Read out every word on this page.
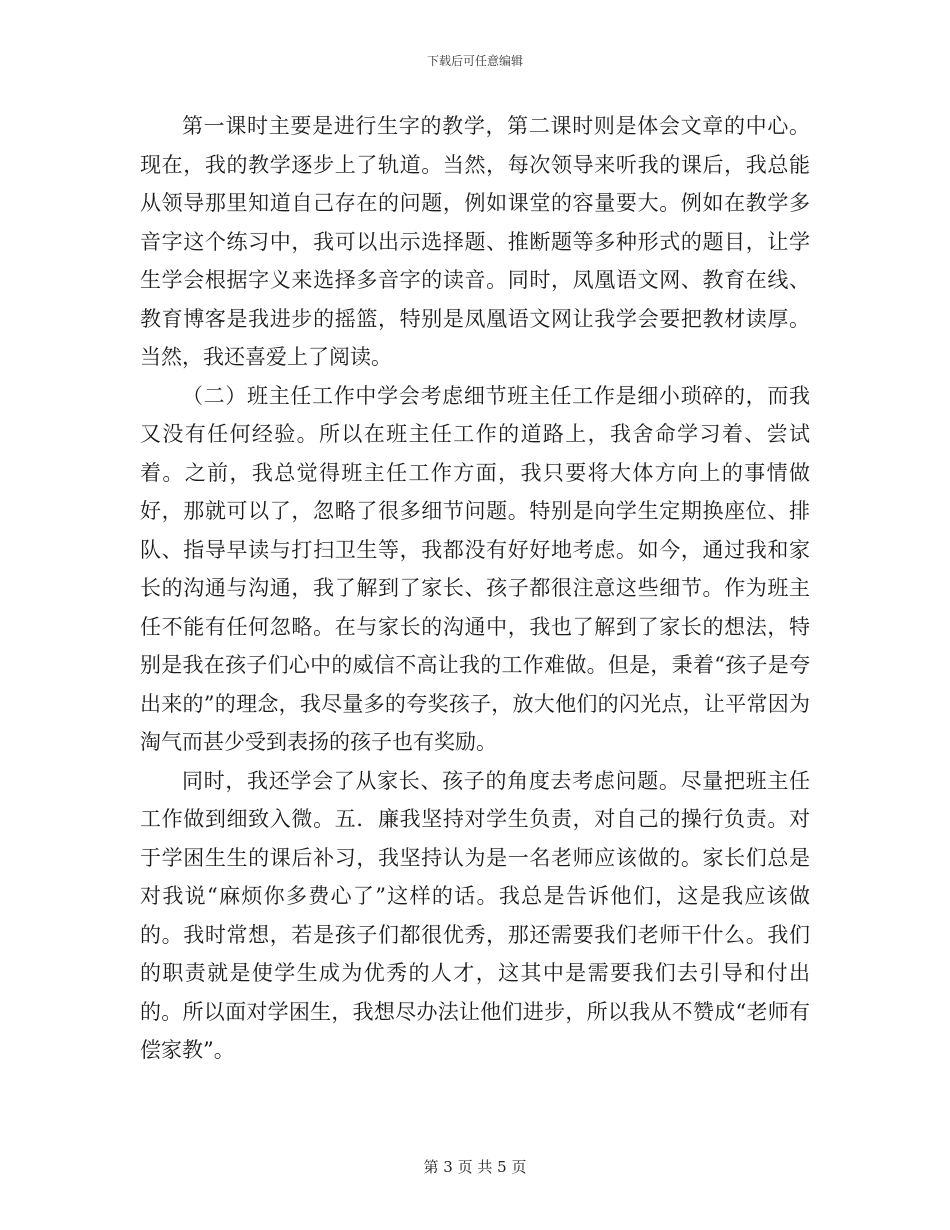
下载后可任意编辑

第一课时主要是进行生字的教学，第二课时则是体会文章的中心。现在，我的教学逐步上了轨道。当然，每次领导来听我的课后，我总能从领导那里知道自己存在的问题，例如课堂的容量要大。例如在教学多音字这个练习中，我可以出示选择题、推断题等多种形式的题目，让学生学会根据字义来选择多音字的读音。同时，凤凰语文网、教育在线、教育博客是我进步的摇篮，特别是凤凰语文网让我学会要把教材读厚。当然，我还喜爱上了阅读。

（二）班主任工作中学会考虑细节班主任工作是细小琐碎的，而我又没有任何经验。所以在班主任工作的道路上，我舍命学习着、尝试着。之前，我总觉得班主任工作方面，我只要将大体方向上的事情做好，那就可以了，忽略了很多细节问题。特别是向学生定期换座位、排队、指导早读与打扫卫生等，我都没有好好地考虑。如今，通过我和家长的沟通与沟通，我了解到了家长、孩子都很注意这些细节。作为班主任不能有任何忽略。在与家长的沟通中，我也了解到了家长的想法，特别是我在孩子们心中的威信不高让我的工作难做。但是，秉着“孩子是夸出来的”的理念，我尽量多的夸奖孩子，放大他们的闪光点，让平常因为淘气而甚少受到表扬的孩子也有奖励。

同时，我还学会了从家长、孩子的角度去考虑问题。尽量把班主任工作做到细致入微。五．廉我坚持对学生负责，对自己的操行负责。对于学困生生的课后补习，我坚持认为是一名老师应该做的。家长们总是对我说“麻烦你多费心了”这样的话。我总是告诉他们，这是我应该做的。我时常想，若是孩子们都很优秀，那还需要我们老师干什么。我们的职责就是使学生成为优秀的人才，这其中是需要我们去引导和付出的。所以面对学困生，我想尽办法让他们进步，所以我从不赞成“老师有偿家教”。

第 3 页 共 5 页
